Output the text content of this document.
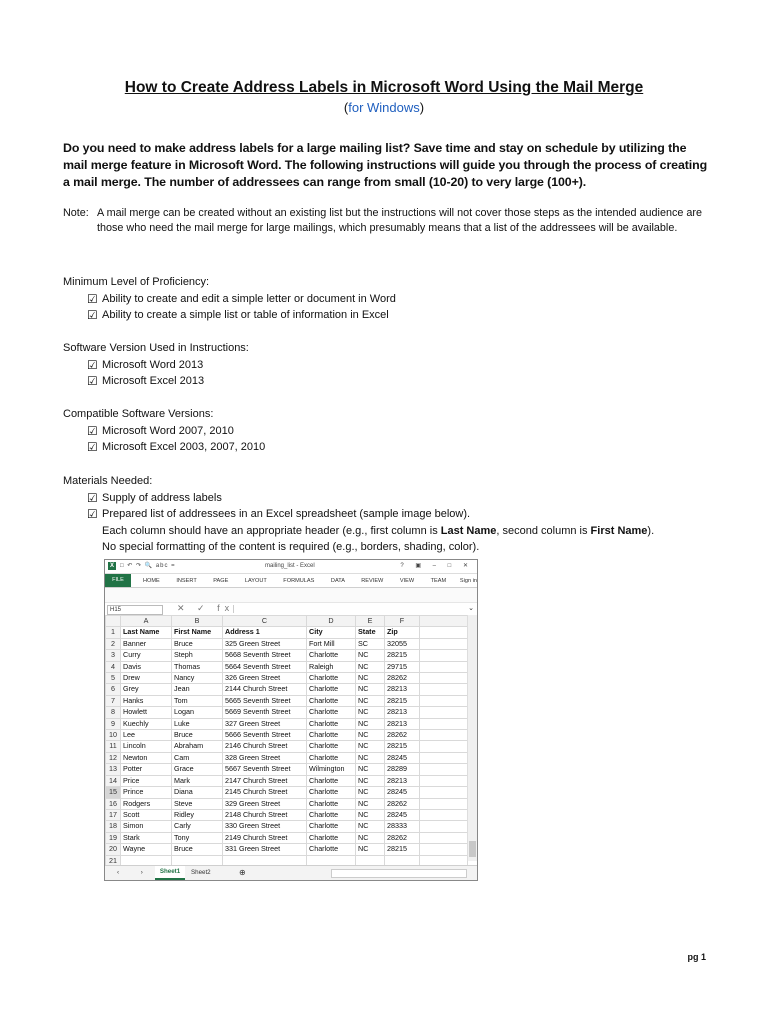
How to Create Address Labels in Microsoft Word Using the Mail Merge
(for Windows)
Do you need to make address labels for a large mailing list? Save time and stay on schedule by utilizing the mail merge feature in Microsoft Word. The following instructions will guide you through the process of creating a mail merge. The number of addressees can range from small (10-20) to very large (100+).
Note: A mail merge can be created without an existing list but the instructions will not cover those steps as the intended audience are those who need the mail merge for large mailings, which presumably means that a list of the addressees will be available.
Minimum Level of Proficiency:
☑ Ability to create and edit a simple letter or document in Word
☑ Ability to create a simple list or table of information in Excel
Software Version Used in Instructions:
☑ Microsoft Word 2013
☑ Microsoft Excel 2013
Compatible Software Versions:
☑ Microsoft Word 2007, 2010
☑ Microsoft Excel 2003, 2007, 2010
Materials Needed:
☑ Supply of address labels
☑ Prepared list of addressees in an Excel spreadsheet (sample image below).
Each column should have an appropriate header (e.g., first column is Last Name, second column is First Name).
No special formatting of the content is required (e.g., borders, shading, color).
X	□ ↶ ↷ 🔍 abc =	mailing_list - Excel	? ▣ – □ ✕
FILE	HOME INSERT PAGE LAYOUT FORMULAS DATA REVIEW VIEW TEAM Sign in
H15	✕ ✓ fx	⌄
	A	B	C	D	E	F	
1	Last Name	First Name	Address 1	City	State	Zip	
2	Banner	Bruce	325 Green Street	Fort Mill	SC	32055	
3	Curry	Steph	5668 Seventh Street	Charlotte	NC	28215	
4	Davis	Thomas	5664 Seventh Street	Raleigh	NC	29715	
5	Drew	Nancy	326 Green Street	Charlotte	NC	28262	
6	Grey	Jean	2144 Church Street	Charlotte	NC	28213	
7	Hanks	Tom	5665 Seventh Street	Charlotte	NC	28215	
8	Howlett	Logan	5669 Seventh Street	Charlotte	NC	28213	
9	Kuechly	Luke	327 Green Street	Charlotte	NC	28213	
10	Lee	Bruce	5666 Seventh Street	Charlotte	NC	28262	
11	Lincoln	Abraham	2146 Church Street	Charlotte	NC	28215	
12	Newton	Cam	328 Green Street	Charlotte	NC	28245	
13	Potter	Grace	5667 Seventh Street	Wilmington	NC	28289	
14	Price	Mark	2147 Church Street	Charlotte	NC	28213	
15	Prince	Diana	2145 Church Street	Charlotte	NC	28245	
16	Rodgers	Steve	329 Green Street	Charlotte	NC	28262	
17	Scott	Ridley	2148 Church Street	Charlotte	NC	28245	
18	Simon	Carly	330 Green Street	Charlotte	NC	28333	
19	Stark	Tony	2149 Church Street	Charlotte	NC	28262	
20	Wayne	Bruce	331 Green Street	Charlotte	NC	28215	
21							
‹ ›	Sheet1	Sheet2	⊕
pg 1
